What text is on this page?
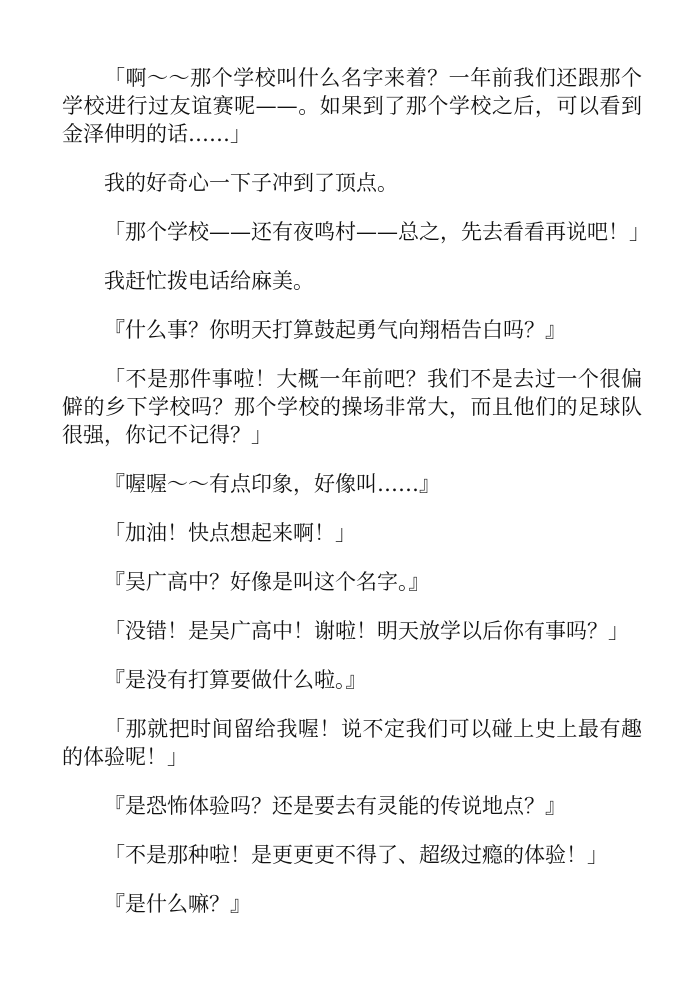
「啊～～那个学校叫什么名字来着？一年前我们还跟那个学校进行过友谊赛呢——。如果到了那个学校之后，可以看到金泽伸明的话……」

我的好奇心一下子冲到了顶点。

「那个学校——还有夜鸣村——总之，先去看看再说吧！」

我赶忙拨电话给麻美。

『什么事？你明天打算鼓起勇气向翔梧告白吗？』

「不是那件事啦！大概一年前吧？我们不是去过一个很偏僻的乡下学校吗？那个学校的操场非常大，而且他们的足球队很强，你记不记得？」

『喔喔～～有点印象，好像叫……』

「加油！快点想起来啊！」

『吴广高中？好像是叫这个名字。』

「没错！是吴广高中！谢啦！明天放学以后你有事吗？」

『是没有打算要做什么啦。』

「那就把时间留给我喔！说不定我们可以碰上史上最有趣的体验呢！」

『是恐怖体验吗？还是要去有灵能的传说地点？』

「不是那种啦！是更更更不得了、超级过瘾的体验！」

『是什么嘛？』
